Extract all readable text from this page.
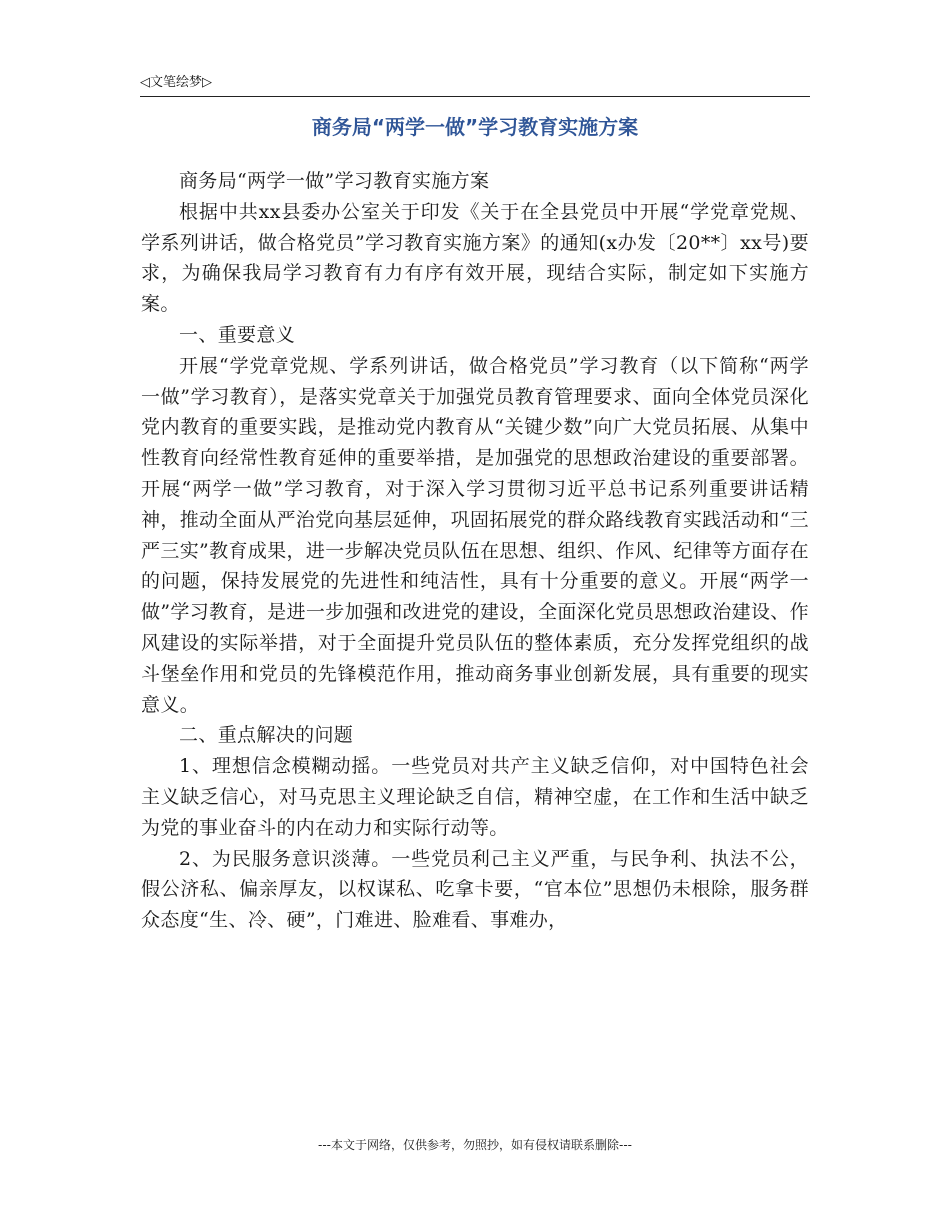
◁文笔绘梦▷
商务局“两学一做”学习教育实施方案

商务局“两学一做”学习教育实施方案

根据中共xx县委办公室关于印发《关于在全县党员中开展“学党章党规、学系列讲话，做合格党员”学习教育实施方案》的通知(x办发〔20**〕xx号)要求，为确保我局学习教育有力有序有效开展，现结合实际，制定如下实施方案。

一、重要意义

开展“学党章党规、学系列讲话，做合格党员”学习教育（以下简称“两学一做”学习教育），是落实党章关于加强党员教育管理要求、面向全体党员深化党内教育的重要实践，是推动党内教育从“关键少数”向广大党员拓展、从集中性教育向经常性教育延伸的重要举措，是加强党的思想政治建设的重要部署。开展“两学一做”学习教育，对于深入学习贯彻习近平总书记系列重要讲话精神，推动全面从严治党向基层延伸，巩固拓展党的群众路线教育实践活动和“三严三实”教育成果，进一步解决党员队伍在思想、组织、作风、纪律等方面存在的问题，保持发展党的先进性和纯洁性，具有十分重要的意义。开展“两学一做”学习教育，是进一步加强和改进党的建设，全面深化党员思想政治建设、作风建设的实际举措，对于全面提升党员队伍的整体素质，充分发挥党组织的战斗堡垒作用和党员的先锋模范作用，推动商务事业创新发展，具有重要的现实意义。

二、重点解决的问题

1、理想信念模糊动摇。一些党员对共产主义缺乏信仰，对中国特色社会主义缺乏信心，对马克思主义理论缺乏自信，精神空虚，在工作和生活中缺乏为党的事业奋斗的内在动力和实际行动等。

2、为民服务意识淡薄。一些党员利己主义严重，与民争利、执法不公，假公济私、偏亲厚友，以权谋私、吃拿卡要，“官本位”思想仍未根除，服务群众态度“生、冷、硬”，门难进、脸难看、事难办，

---本文于网络，仅供参考，勿照抄，如有侵权请联系删除---
